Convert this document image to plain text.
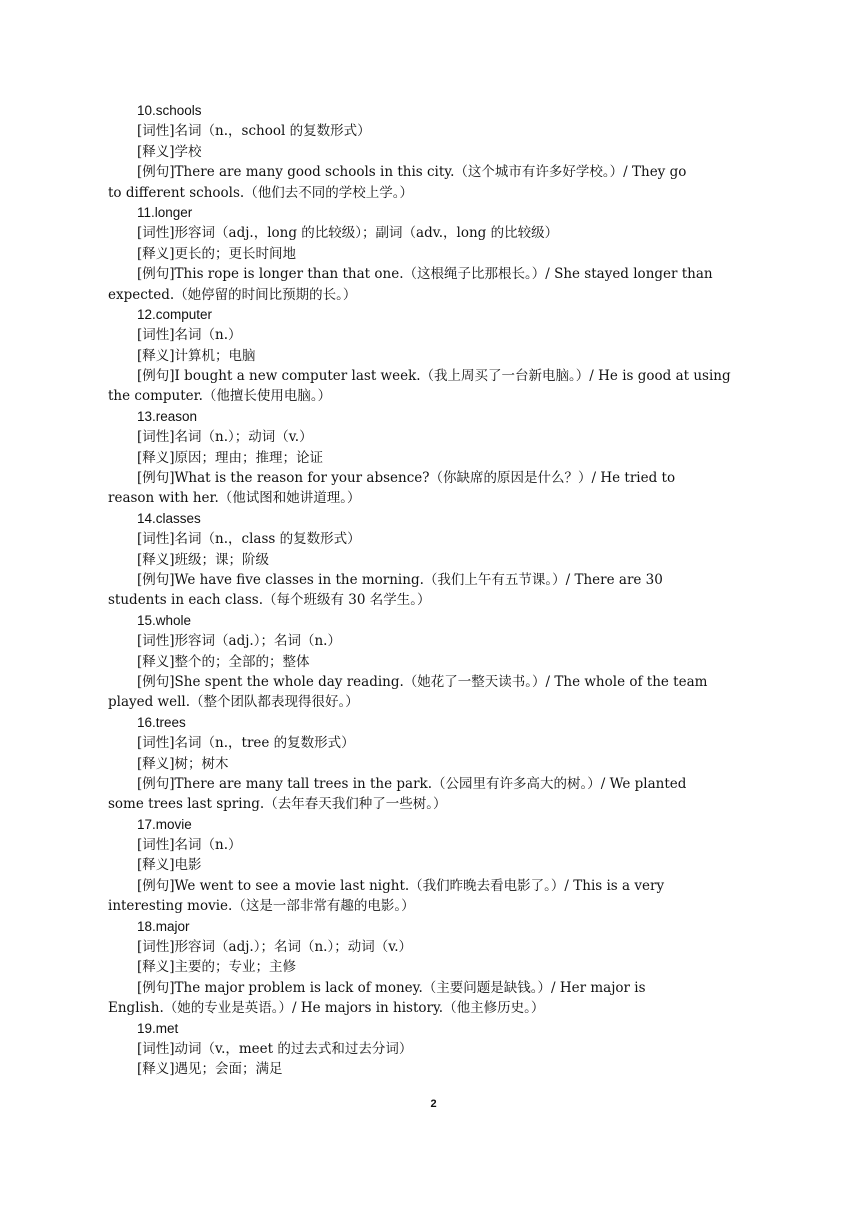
10.schools
[词性]名词（n.，school 的复数形式）
[释义]学校
[例句]There are many good schools in this city.（这个城市有许多好学校。）/ They go
to different schools.（他们去不同的学校上学。）
11.longer
[词性]形容词（adj.，long 的比较级）；副词（adv.，long 的比较级）
[释义]更长的；更长时间地
[例句]This rope is longer than that one.（这根绳子比那根长。）/ She stayed longer than
expected.（她停留的时间比预期的长。）
12.computer
[词性]名词（n.）
[释义]计算机；电脑
[例句]I bought a new computer last week.（我上周买了一台新电脑。）/ He is good at using
the computer.（他擅长使用电脑。）
13.reason
[词性]名词（n.）；动词（v.）
[释义]原因；理由；推理；论证
[例句]What is the reason for your absence?（你缺席的原因是什么？）/ He tried to
reason with her.（他试图和她讲道理。）
14.classes
[词性]名词（n.，class 的复数形式）
[释义]班级；课；阶级
[例句]We have five classes in the morning.（我们上午有五节课。）/ There are 30
students in each class.（每个班级有 30 名学生。）
15.whole
[词性]形容词（adj.）；名词（n.）
[释义]整个的；全部的；整体
[例句]She spent the whole day reading.（她花了一整天读书。）/ The whole of the team
played well.（整个团队都表现得很好。）
16.trees
[词性]名词（n.，tree 的复数形式）
[释义]树；树木
[例句]There are many tall trees in the park.（公园里有许多高大的树。）/ We planted
some trees last spring.（去年春天我们种了一些树。）
17.movie
[词性]名词（n.）
[释义]电影
[例句]We went to see a movie last night.（我们昨晚去看电影了。）/ This is a very
interesting movie.（这是一部非常有趣的电影。）
18.major
[词性]形容词（adj.）；名词（n.）；动词（v.）
[释义]主要的；专业；主修
[例句]The major problem is lack of money.（主要问题是缺钱。）/ Her major is
English.（她的专业是英语。）/ He majors in history.（他主修历史。）
19.met
[词性]动词（v.，meet 的过去式和过去分词）
[释义]遇见；会面；满足
2
